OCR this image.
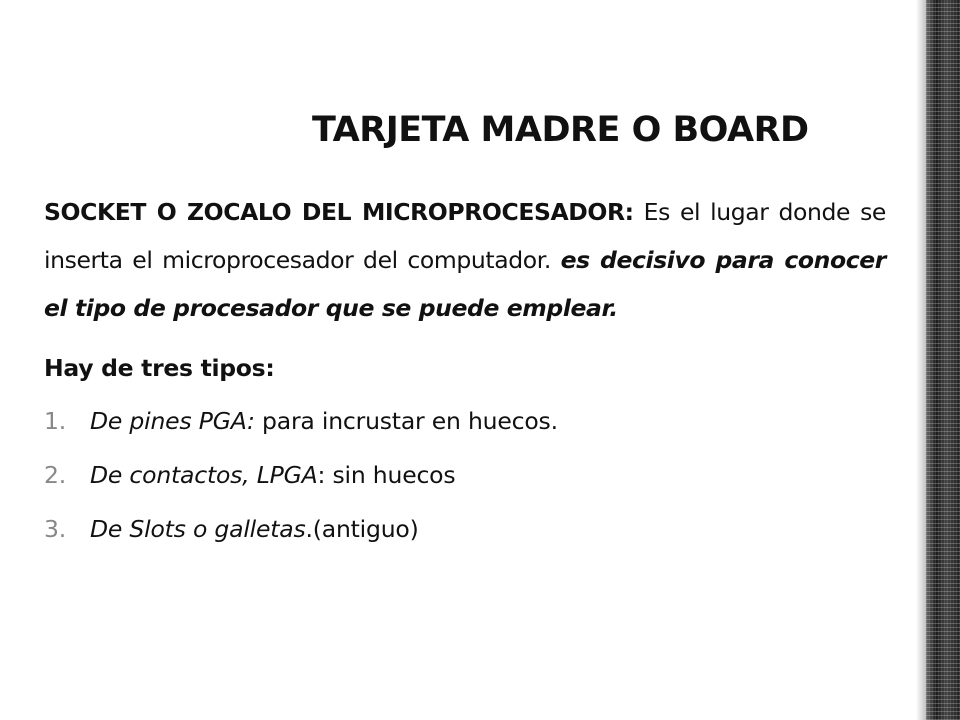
TARJETA MADRE O BOARD

SOCKET O ZOCALO DEL MICROPROCESADOR: Es el lugar donde se inserta el microprocesador del computador. es decisivo para conocer el tipo de procesador que se puede emplear.

Hay de tres tipos:
1.	De pines PGA: para incrustar en huecos.
2.	De contactos, LPGA: sin huecos
3.	De Slots o galletas.(antiguo)
